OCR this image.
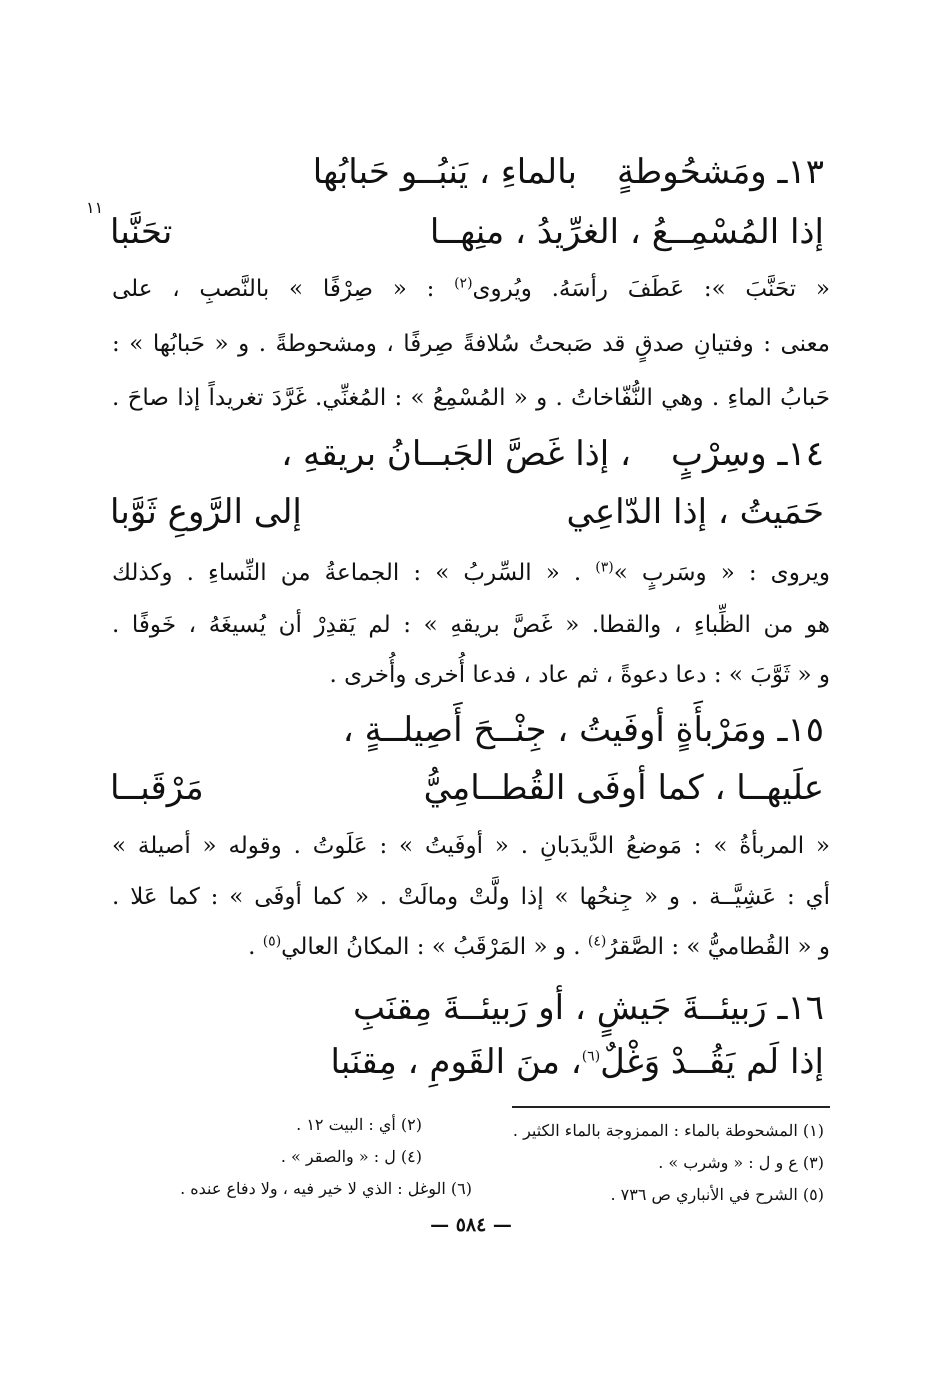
١٣ـ ومَشحُوطةٍبالماءِ ، يَنبُــو حَبابُها
إذا المُسْمِــعُ ، الغرِّيدُ ، منِهــا
تحَنَّبا
١١
« تحَنَّبَ »: عَطَفَ رأسَهُ. ويُروى$^{(٢)}$ : « صِرْفًا » بالنَّصبِ ، على
معنى : وفتيانِ صدقٍ قد صَبحتُ سُلافةً صِرفًا ، ومشحوطةً . و « حَبابُها » :
حَبابُ الماءِ . وهي النُّفّاخاتُ . و « المُسْمِعُ » : المُغنِّي. غَرَّدَ تغريداً إذا صاحَ .
١٤ـ وسِرْبٍ، إذا غَصَّ الجَبــانُ بريقهِ ،
حَمَيتُ ، إذا الدّاعِي
إلى الرَّوعِ ثَوَّبا
ويروى : « وسَربٍ »$^{(٣)}$ . « السِّربُ » : الجماعةُ من النِّساءِ . وكذلك
هو من الظِّباءِ ، والقطا. « غَصَّ بريقهِ » : لم يَقدِرْ أن يُسيغَهُ ، خَوفًا .
و « ثَوَّبَ » : دعا دعوةً ، ثم عاد ، فدعا أُخرى وأُخرى .
١٥ـ ومَرْبأَةٍ أوفَيتُ ، جِنْــحَ أَصِيلــةٍ ،
علَيهــا ، كما أوفَى القُطــامِيُّ
مَرْقَبــا
« المربأةُ » : مَوضعُ الدَّيدَبانِ . « أوفَيتُ » : عَلَوتُ . وقوله « أصيلة »
أي : عَشِيَّــة . و « جِنحُها » إذا ولَّتْ ومالَتْ . « كما أوفَى » : كما عَلا .
و « القُطاميُّ » : الصَّقرُ$^{(٤)}$ . و « المَرْقَبُ » : المكانُ العالي$^{(٥)}$ .
١٦ـ رَبيئــةَ جَيشٍ ، أو رَبيئــةَ مِقنَبِ
إذا لَم يَقُــدْ وَغْلٌ$^{(٦)}$، منَ القَومِ ، مِقنَبا
(١) المشحوطة بالماء : الممزوجة بالماء الكثير .
(٢) أي : البيت ١٢ .
(٣) ع و ل : « وشرب » .
(٤) ل : « والصقر » .
(٥) الشرح في الأنباري ص ٧٣٦ .
(٦) الوغل : الذي لا خير فيه ، ولا دفاع عنده .
— ٥٨٤ —
